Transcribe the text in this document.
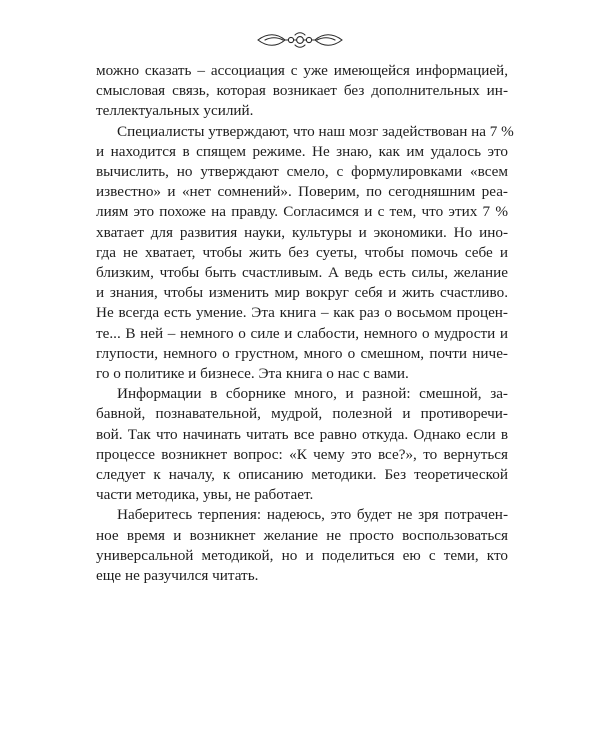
можно сказать – ассоциация с уже имеющейся информацией,
смысловая связь, которая возникает без дополнительных ин-
теллектуальных усилий.

Специалисты утверждают, что наш мозг задействован на 7 %
и находится в спящем режиме. Не знаю, как им удалось это
вычислить, но утверждают смело, с формулировками «всем
известно» и «нет сомнений». Поверим, по сегодняшним реа-
лиям это похоже на правду. Согласимся и с тем, что этих 7 %
хватает для развития науки, культуры и экономики. Но ино-
гда не хватает, чтобы жить без суеты, чтобы помочь себе и
близким, чтобы быть счастливым. А ведь есть силы, желание
и знания, чтобы изменить мир вокруг себя и жить счастливо.
Не всегда есть умение. Эта книга – как раз о восьмом процен-
те... В ней – немного о силе и слабости, немного о мудрости и
глупости, немного о грустном, много о смешном, почти ниче-
го о политике и бизнесе. Эта книга о нас с вами.

Информации в сборнике много, и разной: смешной, за-
бавной, познавательной, мудрой, полезной и противоречи-
вой. Так что начинать читать все равно откуда. Однако если в
процессе возникнет вопрос: «К чему это все?», то вернуться
следует к началу, к описанию методики. Без теоретической
части методика, увы, не работает.

Наберитесь терпения: надеюсь, это будет не зря потрачен-
ное время и возникнет желание не просто воспользоваться
универсальной методикой, но и поделиться ею с теми, кто
еще не разучился читать.
